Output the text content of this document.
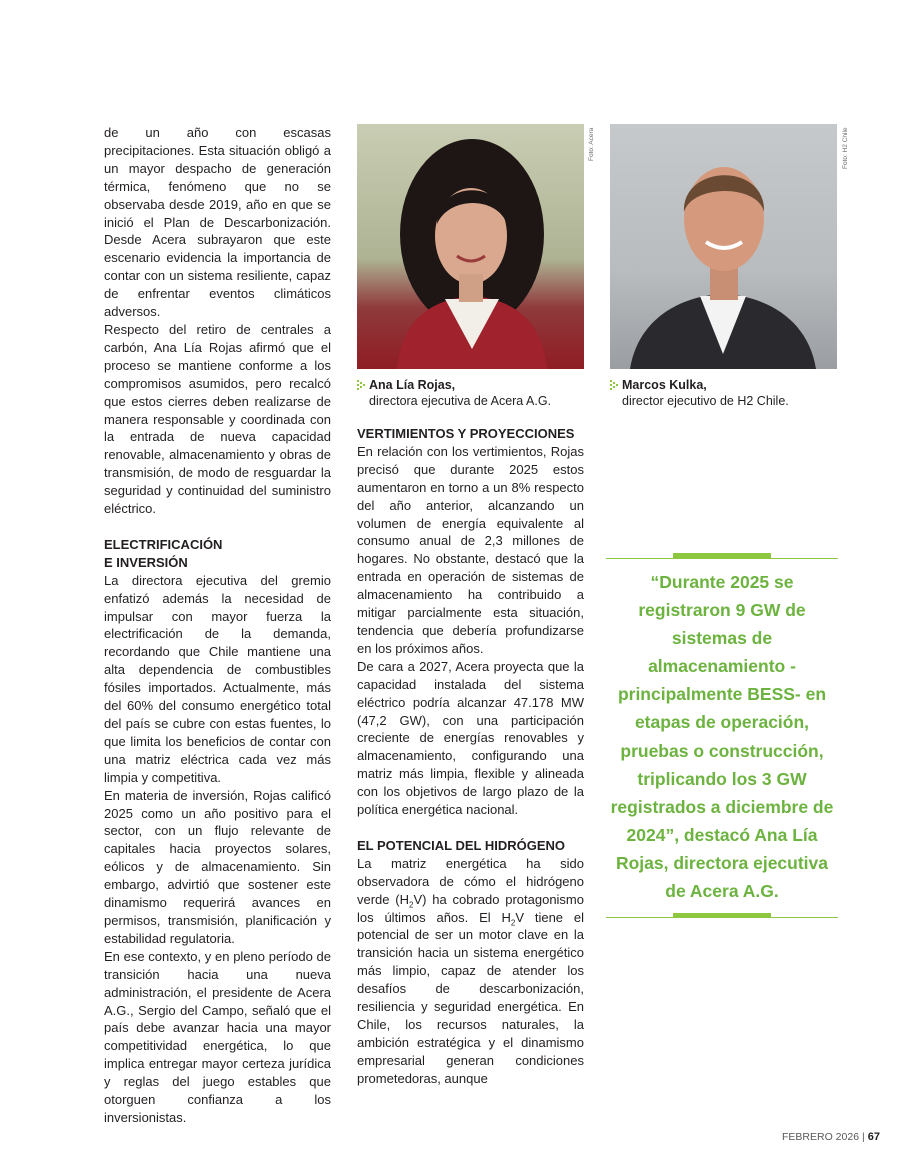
de un año con escasas precipitaciones. Esta situación obligó a un mayor despacho de generación térmica, fenómeno que no se observaba desde 2019, año en que se inició el Plan de Descarbonización. Desde Acera subrayaron que este escenario evidencia la importancia de contar con un sistema resiliente, capaz de enfrentar eventos climáticos adversos.

Respecto del retiro de centrales a carbón, Ana Lía Rojas afirmó que el proceso se mantiene conforme a los compromisos asumidos, pero recalcó que estos cierres deben realizarse de manera responsable y coordinada con la entrada de nueva capacidad renovable, almacenamiento y obras de transmisión, de modo de resguardar la seguridad y continuidad del suministro eléctrico.

ELECTRIFICACIÓN

E INVERSIÓN

La directora ejecutiva del gremio enfatizó además la necesidad de impulsar con mayor fuerza la electrificación de la demanda, recordando que Chile mantiene una alta dependencia de combustibles fósiles importados. Actualmente, más del 60% del consumo energético total del país se cubre con estas fuentes, lo que limita los beneficios de contar con una matriz eléctrica cada vez más limpia y competitiva.

En materia de inversión, Rojas calificó 2025 como un año positivo para el sector, con un flujo relevante de capitales hacia proyectos solares, eólicos y de almacenamiento. Sin embargo, advirtió que sostener este dinamismo requerirá avances en permisos, transmisión, planificación y estabilidad regulatoria.

En ese contexto, y en pleno período de transición hacia una nueva administración, el presidente de Acera A.G., Sergio del Campo, señaló que el país debe avanzar hacia una mayor competitividad energética, lo que implica entregar mayor certeza jurídica y reglas del juego estables que otorguen confianza a los inversionistas.

Foto: Acera	Foto: H2 Chile
Ana Lía Rojas,
directora ejecutiva de Acera A.G.
Marcos Kulka,
director ejecutivo de H2 Chile.

VERTIMIENTOS Y PROYECCIONES

En relación con los vertimientos, Rojas precisó que durante 2025 estos aumentaron en torno a un 8% respecto del año anterior, alcanzando un volumen de energía equivalente al consumo anual de 2,3 millones de hogares. No obstante, destacó que la entrada en operación de sistemas de almacenamiento ha contribuido a mitigar parcialmente esta situación, tendencia que debería profundizarse en los próximos años.

De cara a 2027, Acera proyecta que la capacidad instalada del sistema eléctrico podría alcanzar 47.178 MW (47,2 GW), con una participación creciente de energías renovables y almacenamiento, configurando una matriz más limpia, flexible y alineada con los objetivos de largo plazo de la política energética nacional.

EL POTENCIAL DEL HIDRÓGENO

La matriz energética ha sido observadora de cómo el hidrógeno verde $(H_2V)$ ha cobrado protagonismo los últimos años. El $H_2V$ tiene el potencial de ser un motor clave en la transición hacia un sistema energético más limpio, capaz de atender los desafíos de descarbonización, resiliencia y seguridad energética. En Chile, los recursos naturales, la ambición estratégica y el dinamismo empresarial generan condiciones prometedoras, aunque

“Durante 2025 se registraron 9 GW de sistemas de almacenamiento -principalmente BESS- en etapas de operación, pruebas o construcción, triplicando los 3 GW registrados a diciembre de 2024”, destacó Ana Lía Rojas, directora ejecutiva de Acera A.G.
FEBRERO 2026 | 67
